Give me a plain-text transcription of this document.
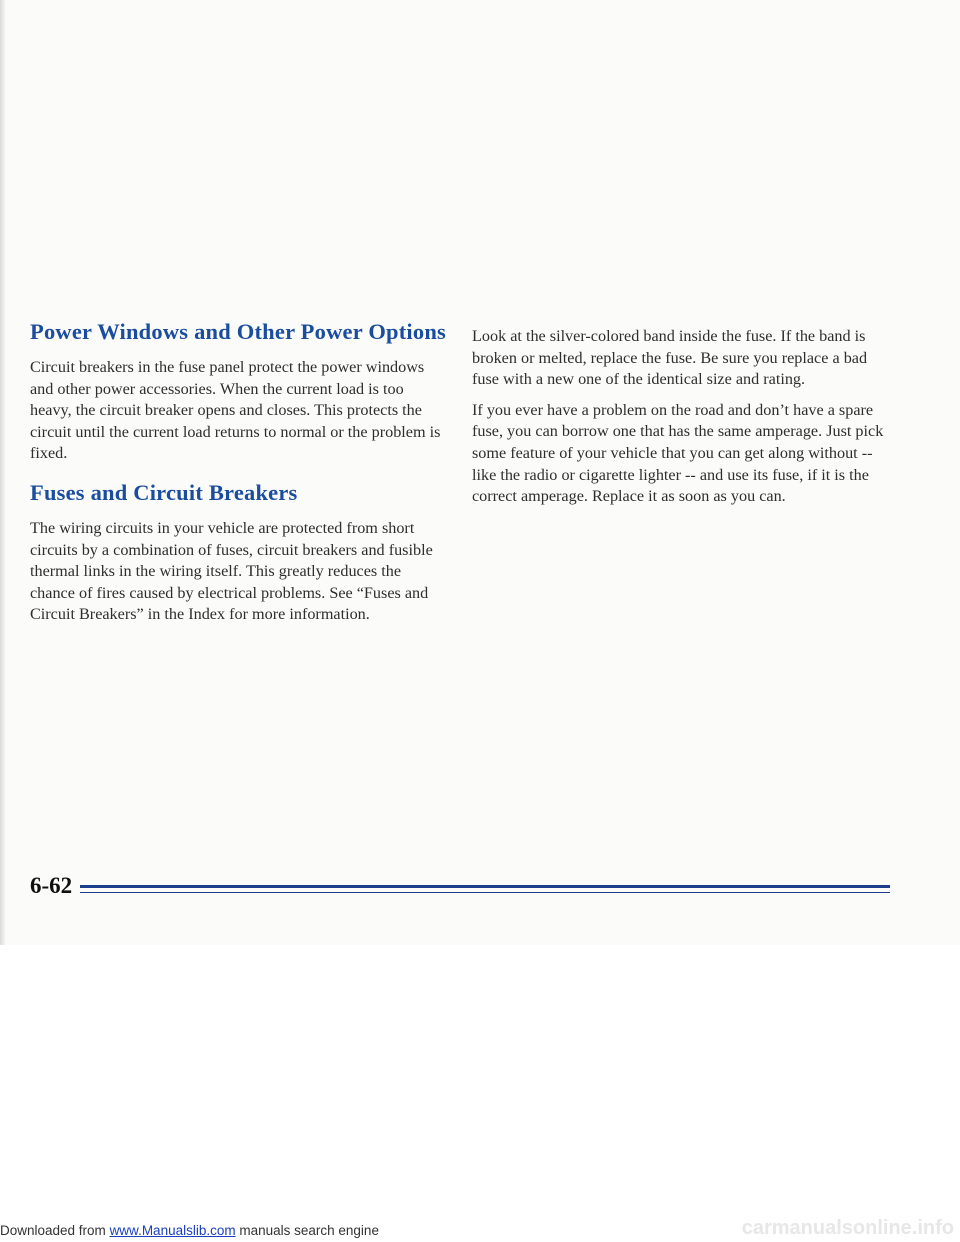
Power Windows and Other Power Options

Circuit breakers in the fuse panel protect the power windows and other power accessories. When the current load is too heavy, the circuit breaker opens and closes. This protects the circuit until the current load returns to normal or the problem is fixed.

Fuses and Circuit Breakers

The wiring circuits in your vehicle are protected from short circuits by a combination of fuses, circuit breakers and fusible thermal links in the wiring itself. This greatly reduces the chance of fires caused by electrical problems. See “Fuses and Circuit Breakers” in the Index for more information.

Look at the silver-colored band inside the fuse. If the band is broken or melted, replace the fuse. Be sure you replace a bad fuse with a new one of the identical size and rating.

If you ever have a problem on the road and don’t have a spare fuse, you can borrow one that has the same amperage. Just pick some feature of your vehicle that you can get along without -- like the radio or cigarette lighter -- and use its fuse, if it is the correct amperage. Replace it as soon as you can.

6-62
Downloaded from www.Manualslib.com manuals search engine	carmanualsonline.info
